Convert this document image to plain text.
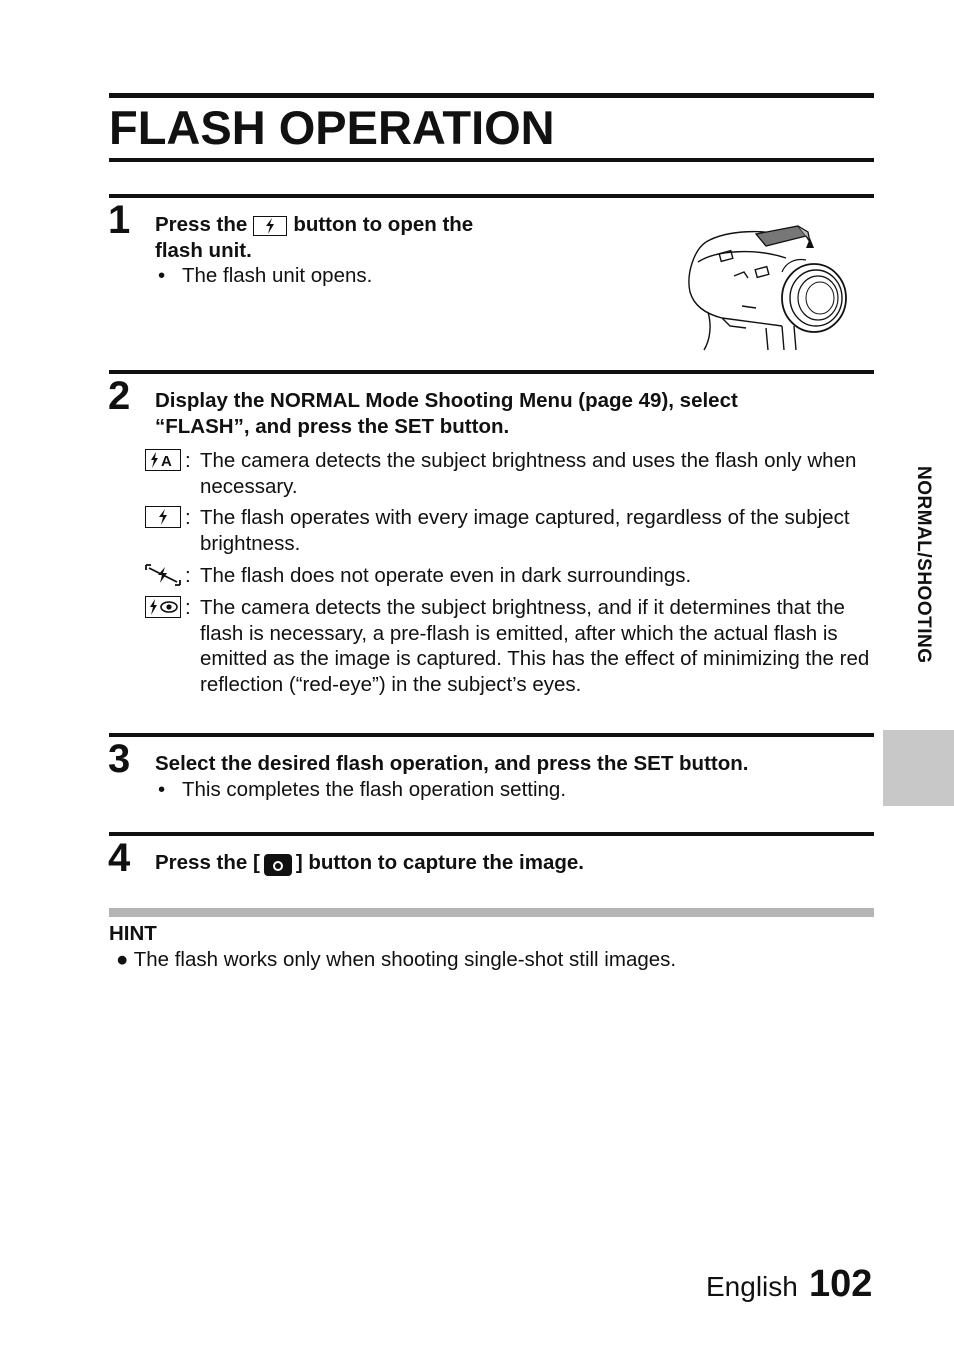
FLASH OPERATION
1 Press the button to open the
flash unit.
• The flash unit opens.
2 Display the NORMAL Mode Shooting Menu (page 49), select
“FLASH”, and press the SET button.
A : The camera detects the subject brightness and uses the flash only when necessary.
: The flash operates with every image captured, regardless of the subject brightness.
: The flash does not operate even in dark surroundings.
: The camera detects the subject brightness, and if it determines that the flash is necessary, a pre-flash is emitted, after which the actual flash is emitted as the image is captured. This has the effect of minimizing the red reflection (“red-eye”) in the subject’s eyes.
3 Select the desired flash operation, and press the SET button.
• This completes the flash operation setting.
4 Press the [ ] button to capture the image.
HINT
● The flash works only when shooting single-shot still images.
NORMAL/SHOOTING
English 102
